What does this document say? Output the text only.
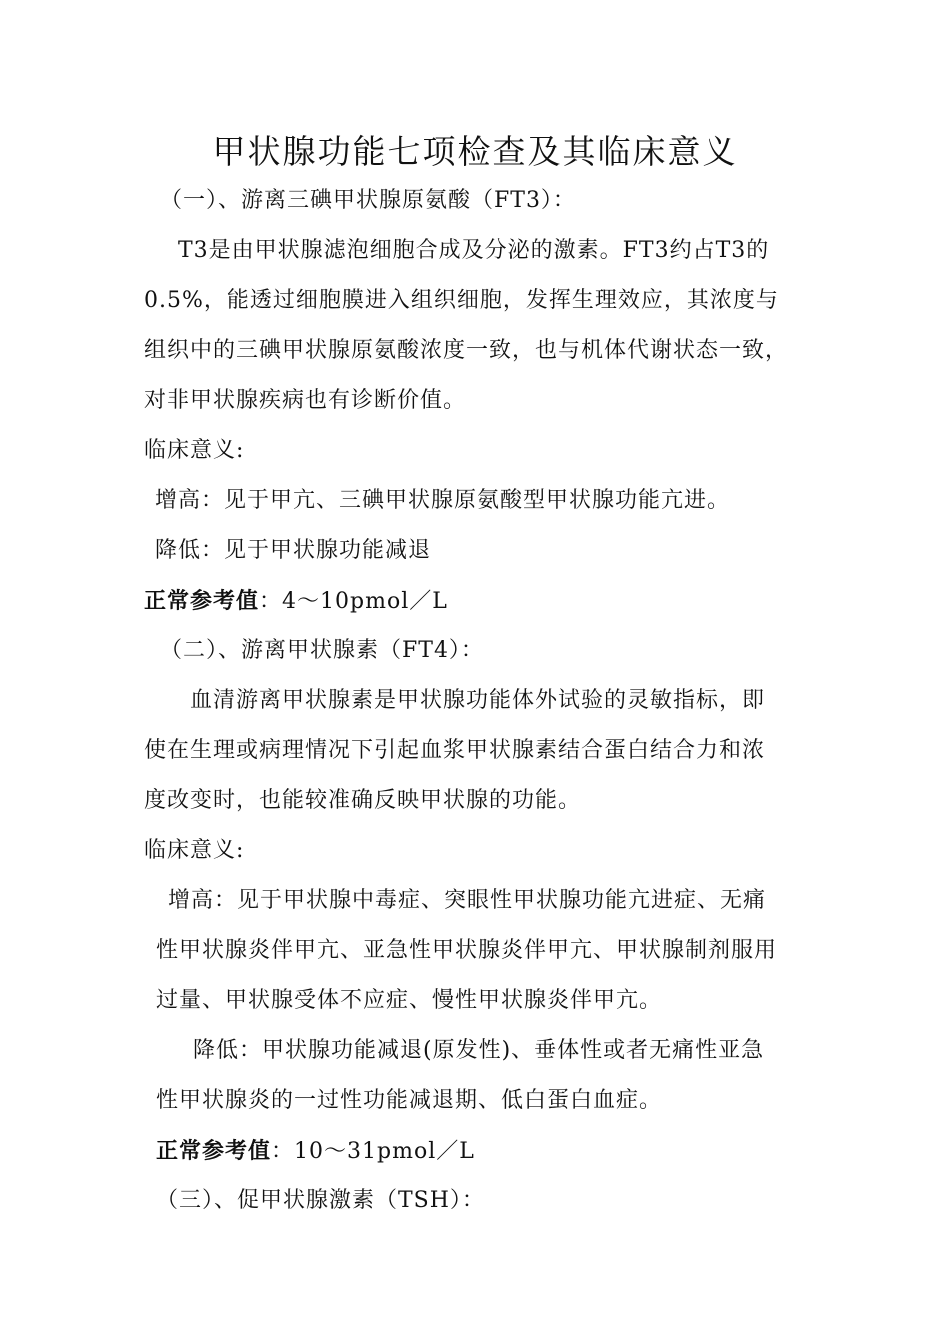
甲状腺功能七项检查及其临床意义
（一）、游离三碘甲状腺原氨酸（FT3）：
T3是由甲状腺滤泡细胞合成及分泌的激素。FT3约占T3的
0.5%，能透过细胞膜进入组织细胞，发挥生理效应，其浓度与
组织中的三碘甲状腺原氨酸浓度一致，也与机体代谢状态一致，
对非甲状腺疾病也有诊断价值。
临床意义:
增高：见于甲亢、三碘甲状腺原氨酸型甲状腺功能亢进。
降低：见于甲状腺功能减退
正常参考值：4～10pmol／L
（二）、游离甲状腺素（FT4）：
血清游离甲状腺素是甲状腺功能体外试验的灵敏指标，即
使在生理或病理情况下引起血浆甲状腺素结合蛋白结合力和浓
度改变时，也能较准确反映甲状腺的功能。
临床意义:
增高：见于甲状腺中毒症、突眼性甲状腺功能亢进症、无痛
性甲状腺炎伴甲亢、亚急性甲状腺炎伴甲亢、甲状腺制剂服用
过量、甲状腺受体不应症、慢性甲状腺炎伴甲亢。
降低：甲状腺功能减退(原发性)、垂体性或者无痛性亚急
性甲状腺炎的一过性功能减退期、低白蛋白血症。
正常参考值：10～31pmol／L
（三）、促甲状腺激素（TSH）：
